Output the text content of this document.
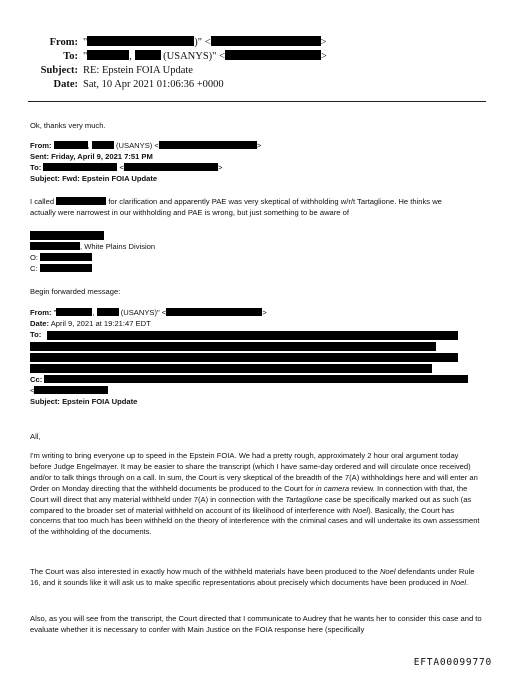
From: "	)" <	>
To: "	,	(USANYS)" <	>
Subject: RE: Epstein FOIA Update
Date: Sat, 10 Apr 2021 01:06:36 +0000
Ok, thanks very much.
From:	,	(USANYS) <	>
Sent: Friday, April 9, 2021 7:51 PM
To:	<	>
Subject: Fwd: Epstein FOIA Update
I called	for clarification and apparently PAE was very skeptical of withholding w/r/t Tartaglione. He thinks we
actually were narrowest in our withholding and PAE is wrong, but just something to be aware of
, White Plains Division
O:
C:
Begin forwarded message:
From: "	,	(USANYS)" <	>
Date: April 9, 2021 at 19:21:47 EDT
To:
Cc:
<
Subject: Epstein FOIA Update
All,

I'm writing to bring everyone up to speed in the Epstein FOIA. We had a pretty rough, approximately 2 hour oral argument today before Judge Engelmayer. It may be easier to share the transcript (which I have same-day ordered and will circulate once received) and/or to talk things through on a call. In sum, the Court is very skeptical of the breadth of the 7(A) withholdings here and will enter an Order on Monday directing that the withheld documents be produced to the Court for in camera review. In connection with that, the Court will direct that any material withheld under 7(A) in connection with the Tartaglione case be specifically marked out as such (as compared to the broader set of material withheld on account of its likelihood of interference with Noel). Basically, the Court has concerns that too much has been withheld on the theory of interference with the criminal cases and will undertake its own assessment of the withholding of the documents.

The Court was also interested in exactly how much of the withheld materials have been produced to the Noel defendants under Rule 16, and it sounds like it will ask us to make specific representations about precisely which documents have been produced in Noel.

Also, as you will see from the transcript, the Court directed that I communicate to Audrey that he wants her to consider this case and to evaluate whether it is necessary to confer with Main Justice on the FOIA response here (specifically

EFTA00099770
